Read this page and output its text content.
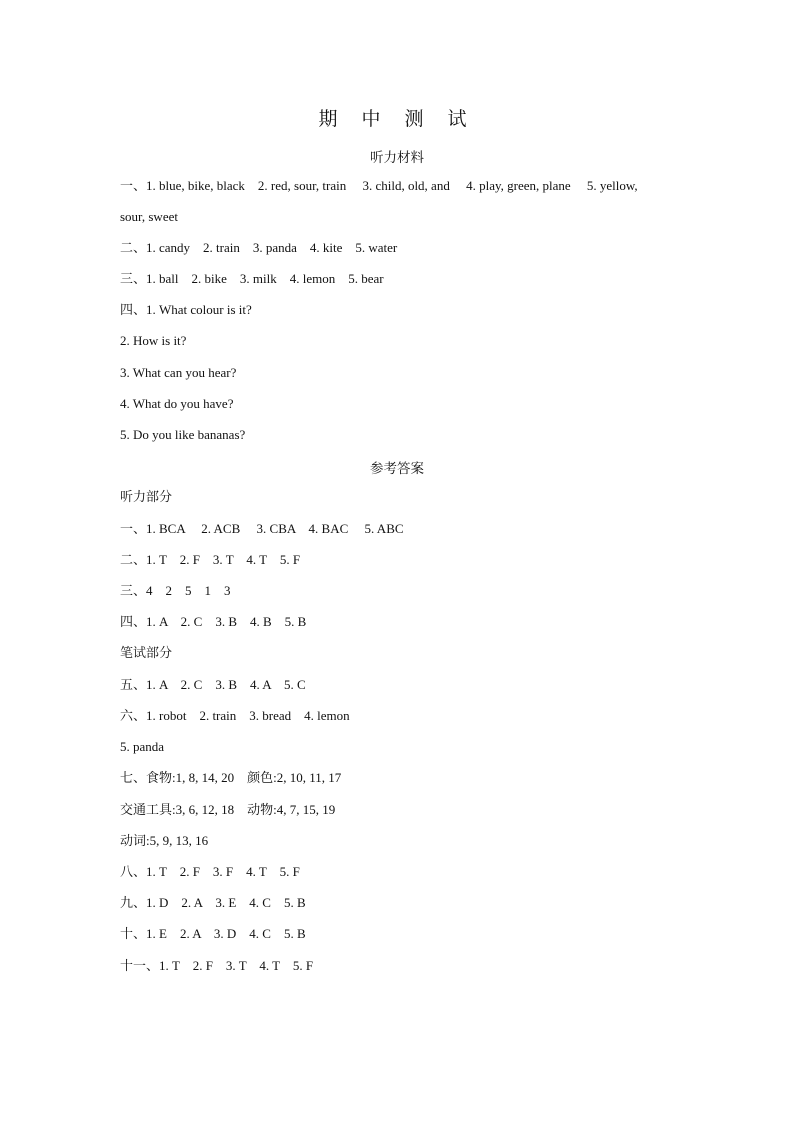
期 中 测 试
听力材料
一、1. blue, bike, black    2. red, sour, train     3. child, old, and     4. play, green, plane     5. yellow,
sour, sweet
二、1. candy    2. train    3. panda    4. kite    5. water
三、1. ball    2. bike    3. milk    4. lemon    5. bear
四、1. What colour is it?
2. How is it?
3. What can you hear?
4. What do you have?
5. Do you like bananas?
参考答案
听力部分
一、1. BCA     2. ACB     3. CBA    4. BAC     5. ABC
二、1. T    2. F    3. T    4. T    5. F
三、4    2    5    1    3
四、1. A    2. C    3. B    4. B    5. B
笔试部分
五、1. A    2. C    3. B    4. A    5. C
六、1. robot    2. train    3. bread    4. lemon
5. panda
七、食物:1, 8, 14, 20    颜色:2, 10, 11, 17
交通工具:3, 6, 12, 18    动物:4, 7, 15, 19
动词:5, 9, 13, 16
八、1. T    2. F    3. F    4. T    5. F
九、1. D    2. A    3. E    4. C    5. B
十、1. E    2. A    3. D    4. C    5. B
十一、1. T    2. F    3. T    4. T    5. F
